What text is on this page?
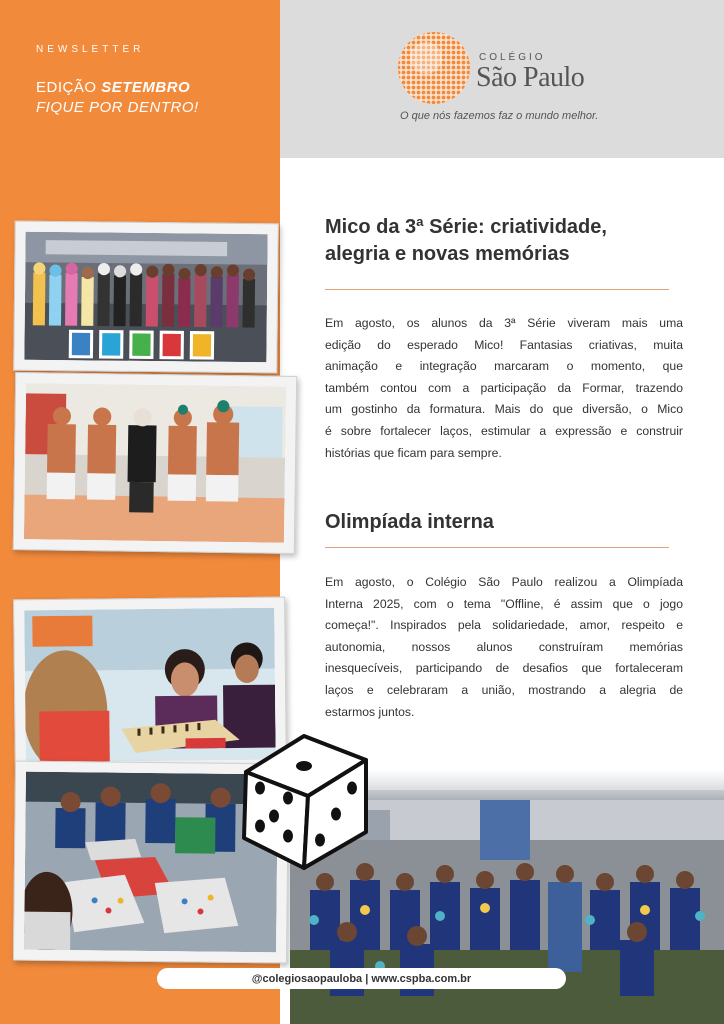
NEWSLETTER
EDIÇÃO SETEMBRO
FIQUE POR DENTRO!
COLÉGIO
São Paulo
O que nós fazemos faz o mundo melhor.
Mico da 3ª Série: criatividade,
alegria e novas memórias
Em agosto, os alunos da 3ª Série viveram mais uma
edição do esperado Mico! Fantasias criativas, muita
animação e integração marcaram o momento, que
também contou com a participação da Formar, trazendo
um gostinho da formatura. Mais do que diversão, o Mico
é sobre fortalecer laços, estimular a expressão e construir
histórias que ficam para sempre.
Olimpíada interna
Em agosto, o Colégio São Paulo realizou a Olimpíada
Interna 2025, com o tema "Offline, é assim que o jogo
começa!". Inspirados pela solidariedade, amor, respeito e
autonomia, nossos alunos construíram memórias
inesquecíveis, participando de desafios que fortaleceram
laços e celebraram a união, mostrando a alegria de
estarmos juntos.
@colegiosaopauloba | www.cspba.com.br
